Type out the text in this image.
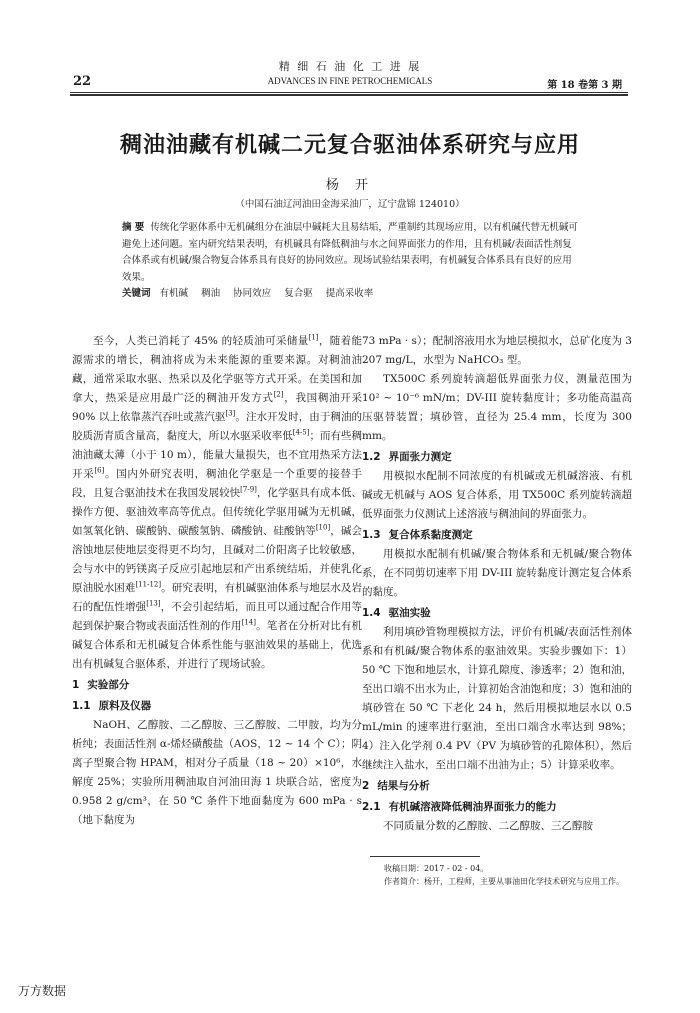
22
精 细 石 油 化 工 进 展
ADVANCES IN FINE PETROCHEMICALS	第 18 卷第 3 期
稠油油藏有机碱二元复合驱油体系研究与应用
杨 开
（中国石油辽河油田金海采油厂，辽宁盘锦 124010）
摘 要 传统化学驱体系中无机碱组分在油层中碱耗大且易结垢，严重制约其现场应用，以有机碱代替无机碱可避免上述问题。室内研究结果表明，有机碱具有降低稠油与水之间界面张力的作用，且有机碱/表面活性剂复合体系或有机碱/聚合物复合体系具有良好的协同效应。现场试验结果表明，有机碱复合体系具有良好的应用效果。
关键词 有机碱 稠油 协同效应 复合驱 提高采收率

至今，人类已消耗了 45% 的轻质油可采储量[1]，随着能源需求的增长，稠油将成为未来能源的重要来源。对稠油油藏，通常采取水驱、热采以及化学驱等方式开采。在美国和加拿大，热采是应用最广泛的稠油开发方式[2]，我国稠油开采 90% 以上依靠蒸汽吞吐或蒸汽驱[3]。注水开发时，由于稠油的胶质沥青质含量高，黏度大，所以水驱采收率低[4-5]；而有些稠油油藏太薄（小于 10 m），能量大量损失，也不宜用热采方法开采[6]。国内外研究表明，稠油化学驱是一个重要的接替手段，且复合驱油技术在我国发展较快[7-9]，化学驱具有成本低、操作方便、驱油效率高等优点。但传统化学驱用碱为无机碱，如氢氧化钠、碳酸钠、碳酸氢钠、磷酸钠、硅酸钠等[10]，碱会溶蚀地层使地层变得更不均匀，且碱对二价阳离子比较敏感，会与水中的钙镁离子反应引起地层和产出系统结垢，并使乳化原油脱水困难[11-12]。研究表明，有机碱驱油体系与地层水及岩石的配伍性增强[13]，不会引起结垢，而且可以通过配合作用等起到保护聚合物或表面活性剂的作用[14]。笔者在分析对比有机碱复合体系和无机碱复合体系性能与驱油效果的基础上，优选出有机碱复合驱体系，并进行了现场试验。

1 实验部分
1.1 原料及仪器

NaOH、乙醇胺、二乙醇胺、三乙醇胺、二甲胺，均为分析纯；表面活性剂 α-烯烃磺酸盐（AOS，12 ~ 14 个 C）；阴离子型聚合物 HPAM，相对分子质量（18 ~ 20）×10⁶，水解度 25%；实验所用稠油取自河油田海 1 块联合站，密度为 0.958 2 g/cm³，在 50 ℃ 条件下地面黏度为 600 mPa · s（地下黏度为

73 mPa · s）；配制溶液用水为地层模拟水，总矿化度为 3 207 mg/L，水型为 NaHCO₃ 型。

TX500C 系列旋转滴超低界面张力仪，测量范围为 10² ~ 10⁻⁶ mN/m；DV-III 旋转黏度计；多功能高温高压驱替装置；填砂管，直径为 25.4 mm，长度为 300 mm。

1.2 界面张力测定

用模拟水配制不同浓度的有机碱或无机碱溶液、有机碱或无机碱与 AOS 复合体系，用 TX500C 系列旋转滴超低界面张力仪测试上述溶液与稠油间的界面张力。

1.3 复合体系黏度测定

用模拟水配制有机碱/聚合物体系和无机碱/聚合物体系，在不同剪切速率下用 DV-III 旋转黏度计测定复合体系的黏度。

1.4 驱油实验

利用填砂管物理模拟方法，评价有机碱/表面活性剂体系和有机碱/聚合物体系的驱油效果。实验步骤如下：1）50 ℃ 下饱和地层水，计算孔隙度、渗透率；2）饱和油，至出口端不出水为止，计算初始含油饱和度；3）饱和油的填砂管在 50 ℃ 下老化 24 h，然后用模拟地层水以 0.5 mL/min 的速率进行驱油，至出口端含水率达到 98%；4）注入化学剂 0.4 PV（PV 为填砂管的孔隙体积），然后继续注入盐水，至出口端不出油为止；5）计算采收率。

2 结果与分析
2.1 有机碱溶液降低稠油界面张力的能力

不同质量分数的乙醇胺、二乙醇胺、三乙醇胺

收稿日期：2017 - 02 - 04。
作者简介：杨开，工程师，主要从事油田化学技术研究与应用工作。
万方数据
